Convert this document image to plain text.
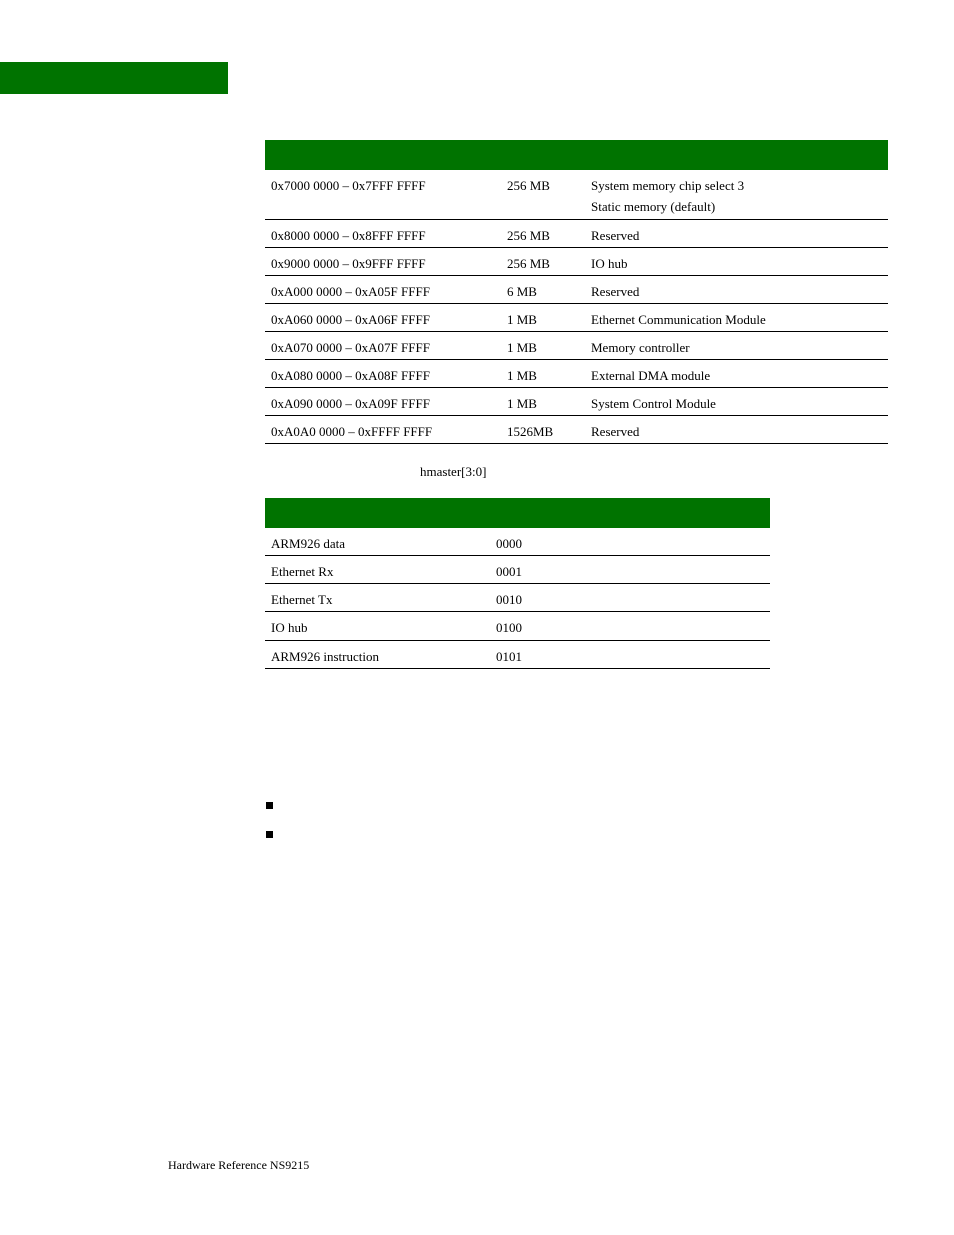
0x7000 0000 – 0x7FFF FFFF	256 MB	System memory chip select 3
Static memory (default)
0x8000 0000 – 0x8FFF FFFF	256 MB	Reserved
0x9000 0000 – 0x9FFF FFFF	256 MB	IO hub
0xA000 0000 – 0xA05F FFFF	6 MB	Reserved
0xA060 0000 – 0xA06F FFFF	1 MB	Ethernet Communication Module
0xA070 0000 – 0xA07F FFFF	1 MB	Memory controller
0xA080 0000 – 0xA08F FFFF	1 MB	External DMA module
0xA090 0000 – 0xA09F FFFF	1 MB	System Control Module
0xA0A0 0000 – 0xFFFF FFFF	1526MB	Reserved
hmaster[3:0]
ARM926 data	0000
Ethernet Rx	0001
Ethernet Tx	0010
IO hub	0100
ARM926 instruction	0101
Hardware Reference NS9215
